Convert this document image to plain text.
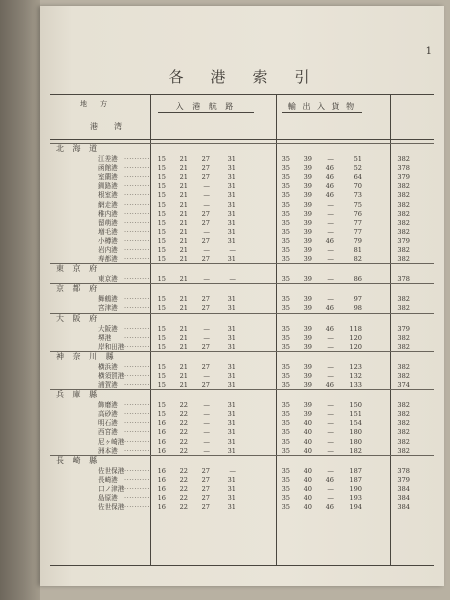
1
各　港　索　引
地　方
港　湾
入 港 航 路	輸 出 入 貨 物
北 海 道
江差港 ··········	15	21	27	31	35	39	—	51	382
函館港 ··········	15	21	27	31	35	39	46	52	378
室蘭港 ··········	15	21	27	31	35	39	46	64	379
釧路港 ··········	15	21	—	31	35	39	46	70	382
根室港 ··········	15	21	—	31	35	39	46	73	382
網走港 ··········	15	21	—	31	35	39	—	75	382
稚内港 ··········	15	21	27	31	35	39	—	76	382
留萌港 ··········	15	21	27	31	35	39	—	77	382
増毛港 ··········	15	21	—	31	35	39	—	77	382
小樽港 ··········	15	21	27	31	35	39	46	79	379
岩内港 ··········	15	21	—	—	35	39	—	81	382
寿都港 ··········	15	21	27	31	35	39	—	82	382
東 京 府
東京港 ··········	15	21	—	—	35	39	—	86	378
京 都 府
舞鶴港 ··········	15	21	27	31	35	39	—	97	382
宮津港 ··········	15	21	27	31	35	39	46	98	382
大 阪 府
大阪港 ··········	15	21	—	31	35	39	46 118	379
堺港 ··········	15	21	—	31	35	39	— 120	382
岸和田港 ··········	15	21	27	31	35	39	— 120	382
神 奈 川 縣
横浜港 ··········	15	21	27	31	35	39	— 123	382
横須賀港 ··········	15	21	—	31	35	39	— 132	382
浦賀港 ··········	15	21	27	31	35	39	46 133	374
兵 庫 縣
飾磨港 ··········	15	22	—	31	35	39	— 150	382
高砂港 ··········	15	22	—	31	35	39	— 151	382
明石港 ··········	16	22	—	31	35	40	— 154	382
西宮港 ··········	16	22	—	31	35	40	— 180	382
尼ヶ崎港 ··········	16	22	—	31	35	40	— 180	382
洲本港 ··········	16	22	—	31	35	40	— 182	382
長 崎 縣
佐世保港 ··········	16	22	27	—	35	40	— 187	378
長崎港 ··········	16	22	27	31	35	40	46 187	379
口ノ津港 ··········	16	22	27	31	35	40	— 190	384
島原港 ··········	16	22	27	31	35	40	— 193	384
佐世保港 ··········	16	22	27	31	35	40	46 194	384
